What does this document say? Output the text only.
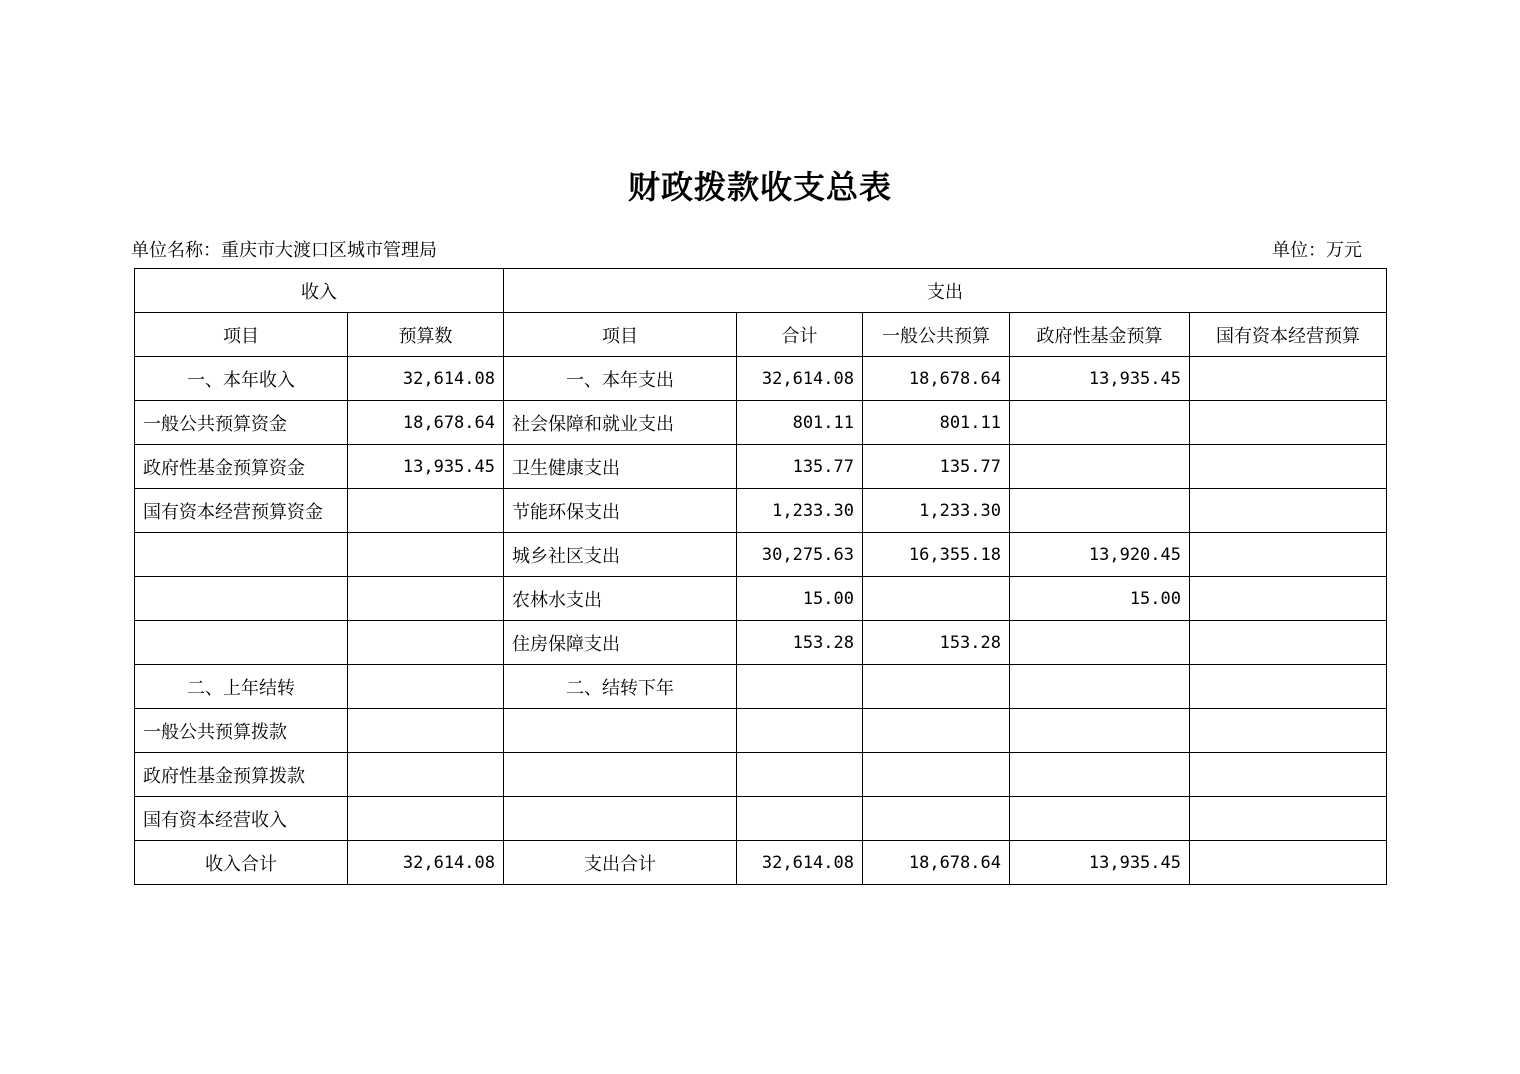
财政拨款收支总表
单位名称：重庆市大渡口区城市管理局	单位：万元
收入		支出				
项目	预算数	项目	合计	一般公共预算	政府性基金预算	国有资本经营预算
一、本年收入	32,614.08	一、本年支出	32,614.08	18,678.64	13,935.45	
一般公共预算资金	18,678.64	社会保障和就业支出	801.11	801.11		
政府性基金预算资金	13,935.45	卫生健康支出	135.77	135.77		
国有资本经营预算资金		节能环保支出	1,233.30	1,233.30		
		城乡社区支出	30,275.63	16,355.18	13,920.45	
		农林水支出	15.00		15.00	
		住房保障支出	153.28	153.28		
二、上年结转		二、结转下年				
一般公共预算拨款						
政府性基金预算拨款						
国有资本经营收入						
收入合计	32,614.08	支出合计	32,614.08	18,678.64	13,935.45	
